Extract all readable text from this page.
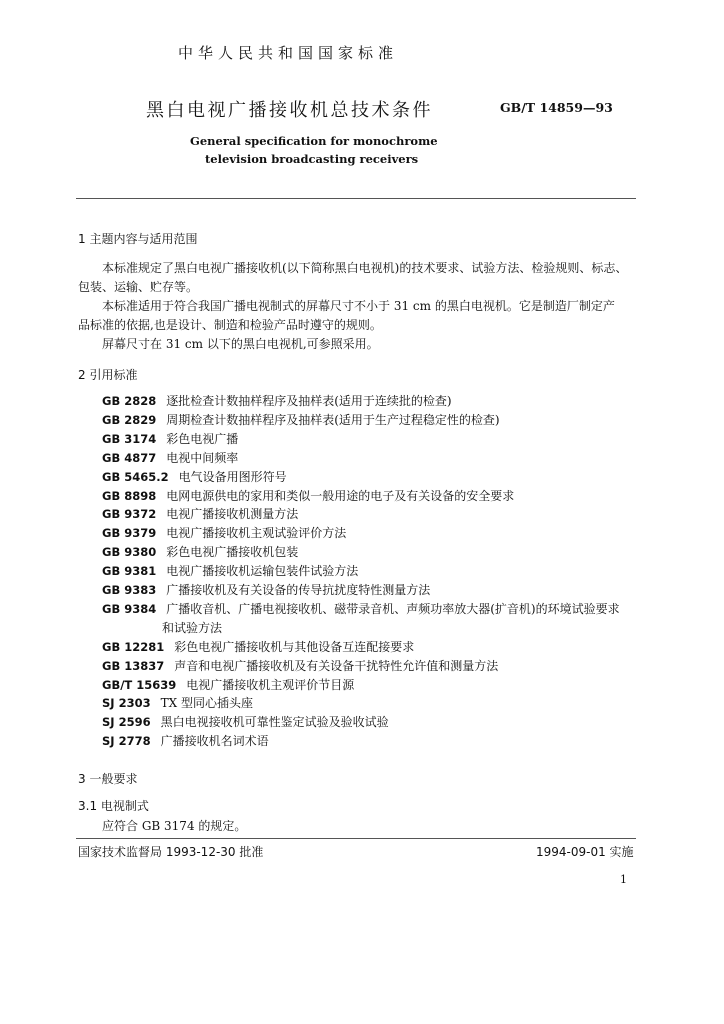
中华人民共和国国家标准
黑白电视广播接收机总技术条件	GB/T 14859—93
General specification for monochrome
television broadcasting receivers
1 主题内容与适用范围
本标准规定了黑白电视广播接收机(以下简称黑白电视机)的技术要求、试验方法、检验规则、标志、
包装、运输、贮存等。
本标准适用于符合我国广播电视制式的屏幕尺寸不小于 31 cm 的黑白电视机。它是制造厂制定产
品标准的依据,也是设计、制造和检验产品时遵守的规则。
屏幕尺寸在 31 cm 以下的黑白电视机,可参照采用。
2 引用标准
GB 2828 逐批检查计数抽样程序及抽样表(适用于连续批的检查)
GB 2829 周期检查计数抽样程序及抽样表(适用于生产过程稳定性的检查)
GB 3174 彩色电视广播
GB 4877 电视中间频率
GB 5465.2 电气设备用图形符号
GB 8898 电网电源供电的家用和类似一般用途的电子及有关设备的安全要求
GB 9372 电视广播接收机测量方法
GB 9379 电视广播接收机主观试验评价方法
GB 9380 彩色电视广播接收机包装
GB 9381 电视广播接收机运输包装件试验方法
GB 9383 广播接收机及有关设备的传导抗扰度特性测量方法
GB 9384 广播收音机、广播电视接收机、磁带录音机、声频功率放大器(扩音机)的环境试验要求
和试验方法
GB 12281 彩色电视广播接收机与其他设备互连配接要求
GB 13837 声音和电视广播接收机及有关设备干扰特性允许值和测量方法
GB/T 15639 电视广播接收机主观评价节目源
SJ 2303 TX 型同心插头座
SJ 2596 黑白电视接收机可靠性鉴定试验及验收试验
SJ 2778 广播接收机名词术语
3 一般要求
3.1 电视制式
应符合 GB 3174 的规定。
国家技术监督局 1993-12-30 批准	1994-09-01 实施
1
